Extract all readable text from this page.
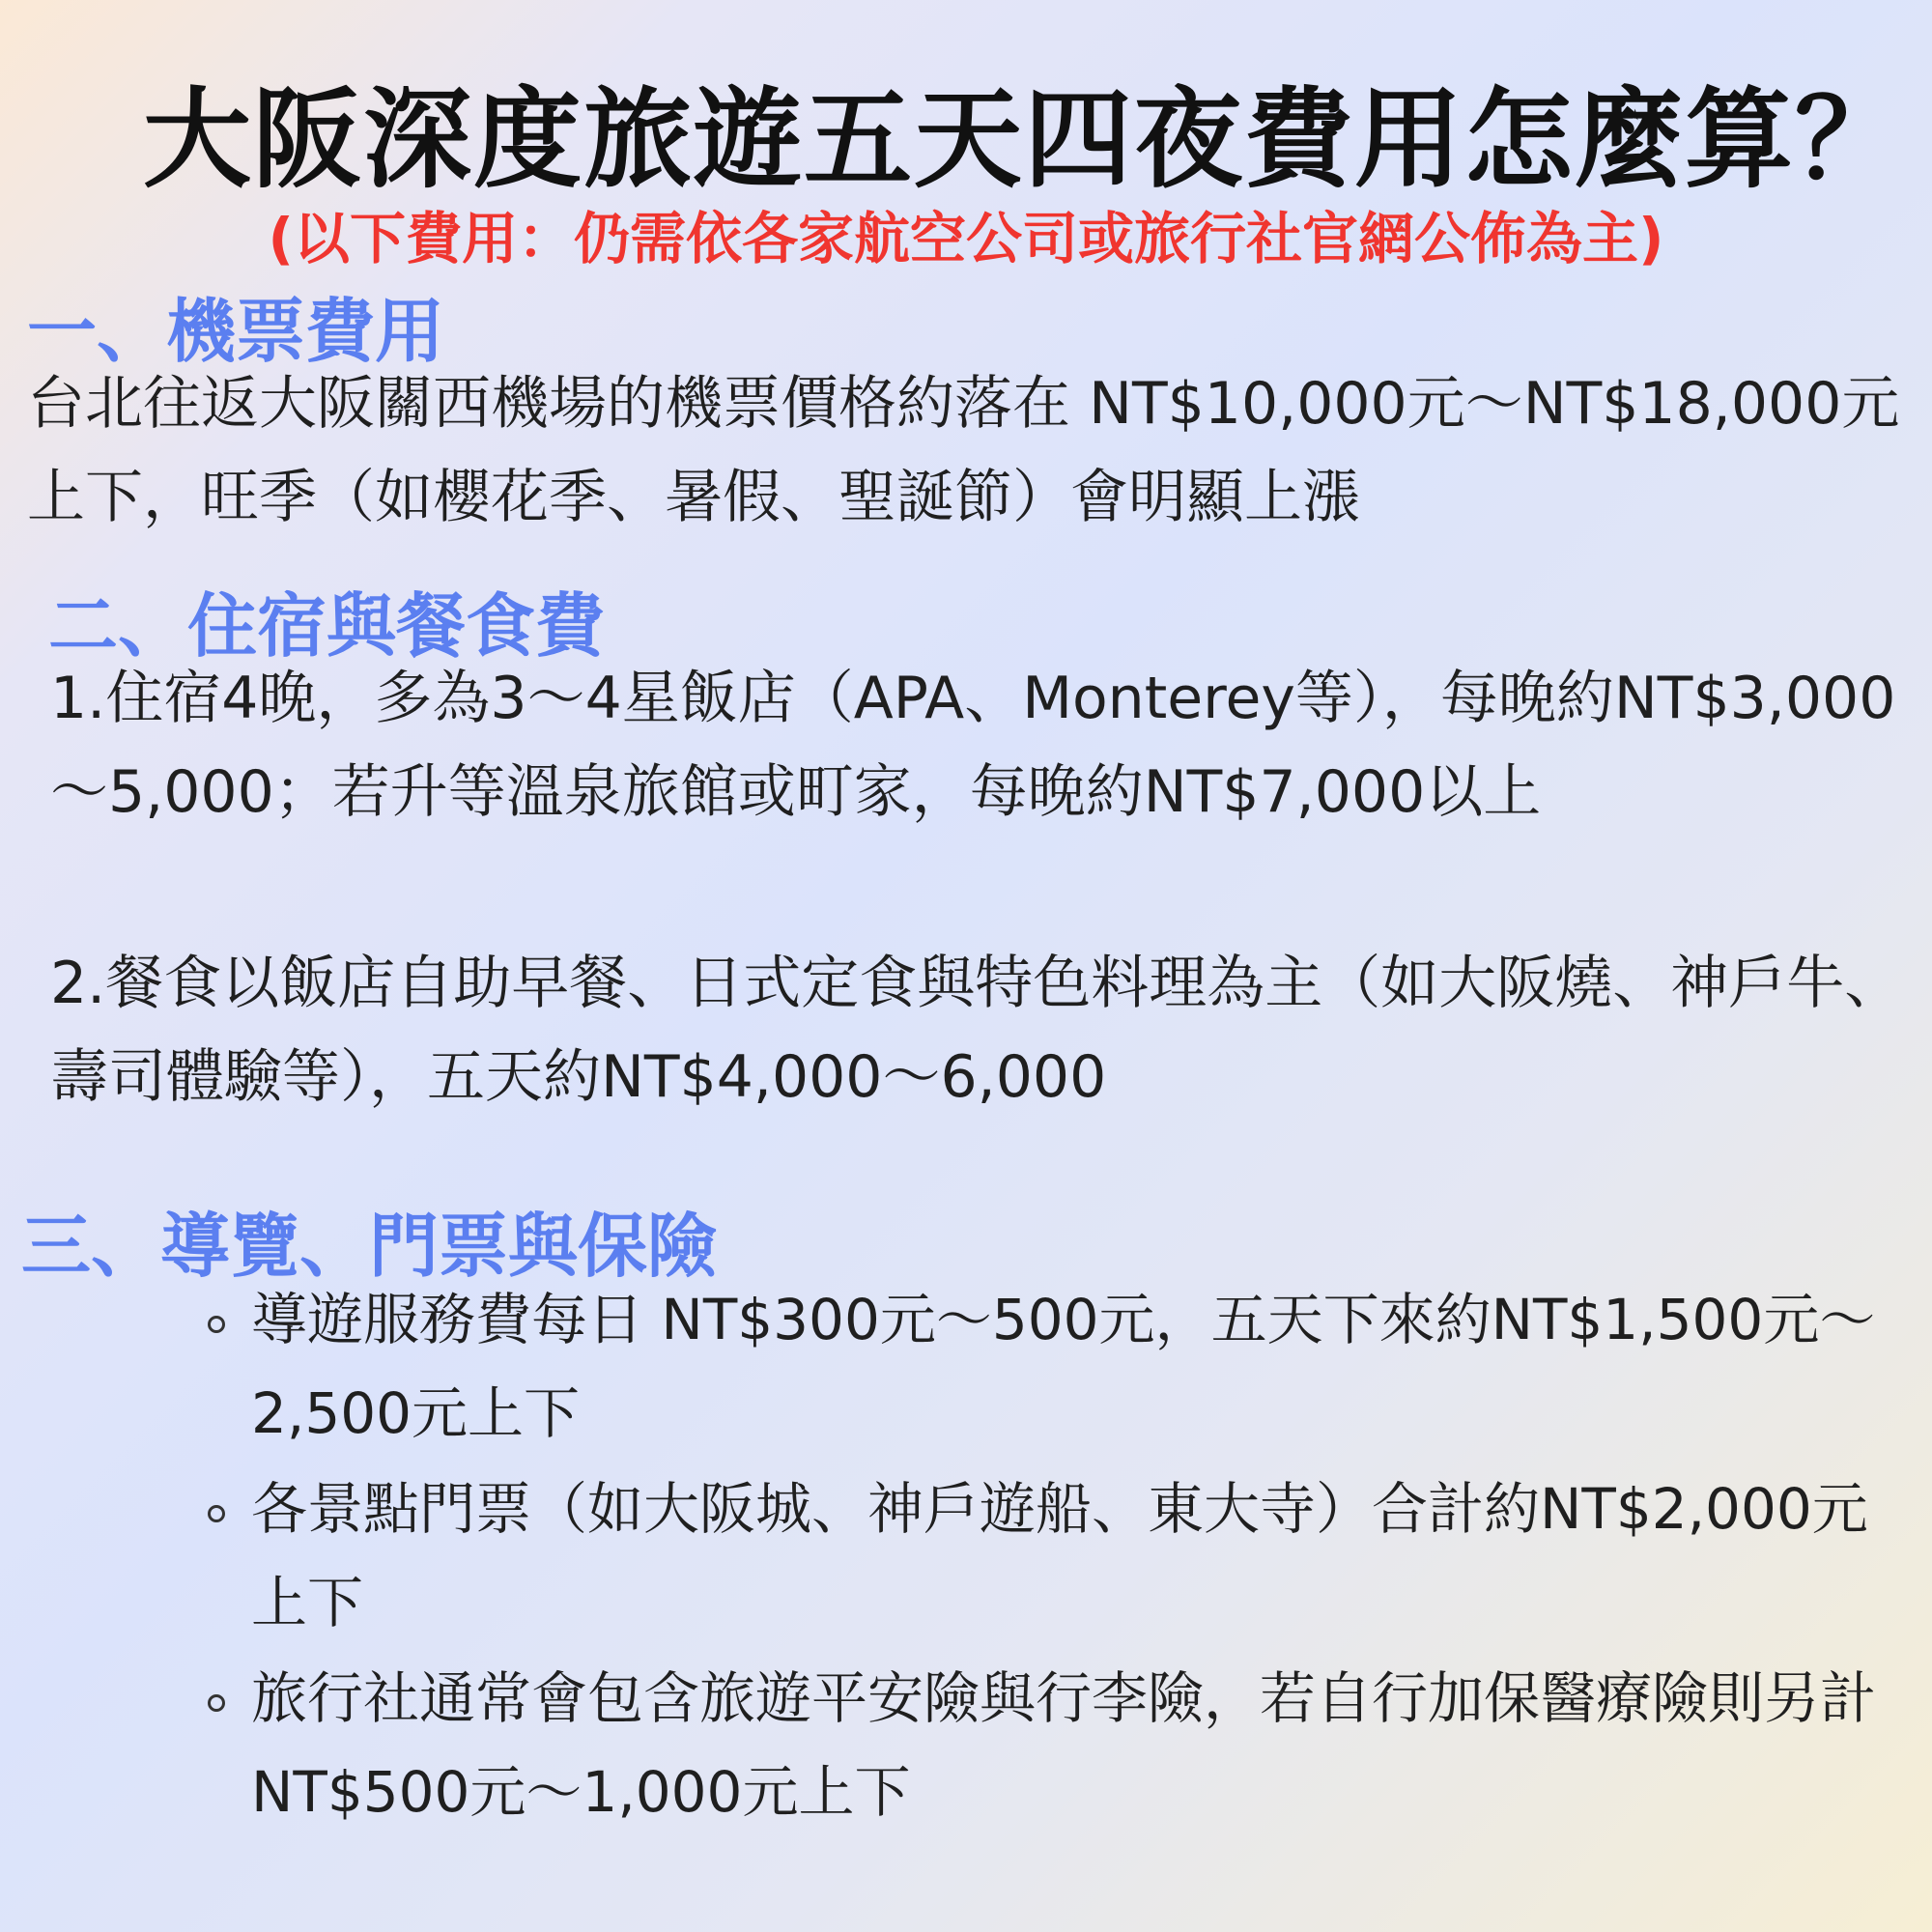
大阪深度旅遊五天四夜費用怎麼算？
(以下費用：仍需依各家航空公司或旅行社官網公佈為主)
一、機票費用
台北往返大阪關西機場的機票價格約落在 NT$10,000元～NT$18,000元上下，旺季（如櫻花季、暑假、聖誕節）會明顯上漲
二、住宿與餐食費
1.住宿4晚，多為3～4星飯店（APA、Monterey等），每晚約NT$3,000～5,000；若升等溫泉旅館或町家，每晚約NT$7,000以上
2.餐食以飯店自助早餐、日式定食與特色料理為主（如大阪燒、神戶牛、壽司體驗等），五天約NT$4,000～6,000
三、導覽、門票與保險
導遊服務費每日 NT$300元～500元，五天下來約NT$1,500元～2,500元上下
各景點門票（如大阪城、神戶遊船、東大寺）合計約NT$2,000元上下
旅行社通常會包含旅遊平安險與行李險，若自行加保醫療險則另計 NT$500元～1,000元上下
